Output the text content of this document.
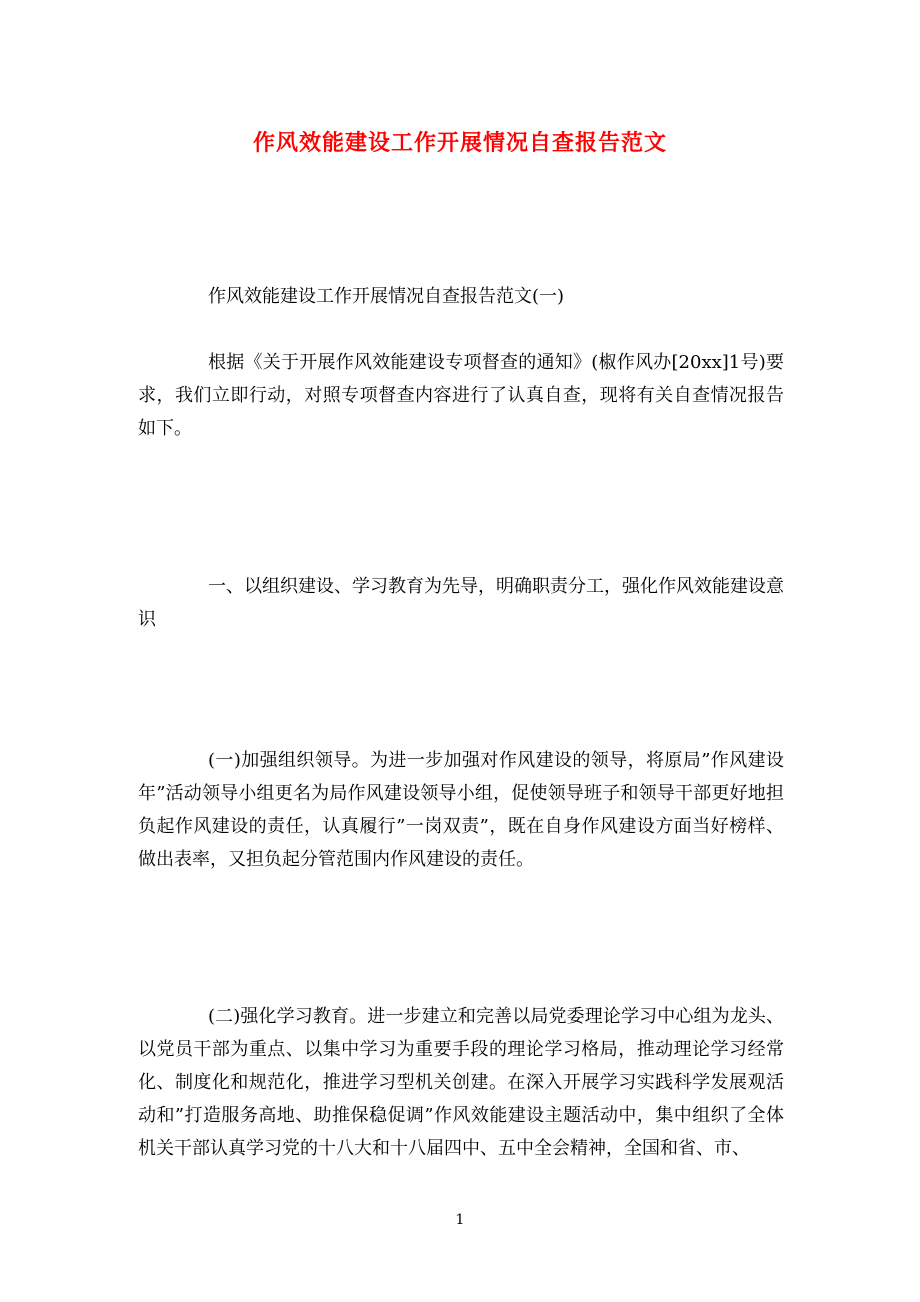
作风效能建设工作开展情况自查报告范文

作风效能建设工作开展情况自查报告范文(一)

根据《关于开展作风效能建设专项督查的通知》(椒作风办[20xx]1号)要求，我们立即行动，对照专项督查内容进行了认真自查，现将有关自查情况报告如下。

一、以组织建设、学习教育为先导，明确职责分工，强化作风效能建设意识

(一)加强组织领导。为进一步加强对作风建设的领导，将原局”作风建设年”活动领导小组更名为局作风建设领导小组，促使领导班子和领导干部更好地担负起作风建设的责任，认真履行”一岗双责”，既在自身作风建设方面当好榜样、做出表率，又担负起分管范围内作风建设的责任。

(二)强化学习教育。进一步建立和完善以局党委理论学习中心组为龙头、以党员干部为重点、以集中学习为重要手段的理论学习格局，推动理论学习经常化、制度化和规范化，推进学习型机关创建。在深入开展学习实践科学发展观活动和”打造服务高地、助推保稳促调”作风效能建设主题活动中，集中组织了全体机关干部认真学习党的十八大和十八届四中、五中全会精神，全国和省、市、

1
